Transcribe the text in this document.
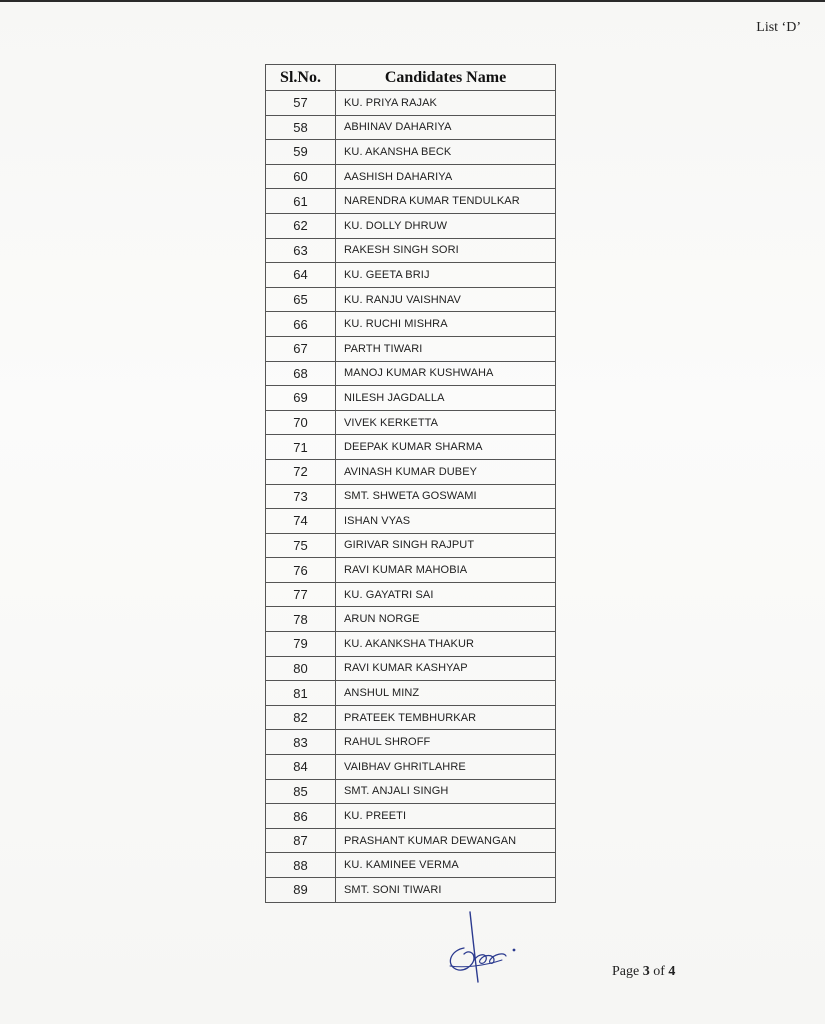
List ‘D’
Sl.No.	Candidates Name
57	KU. PRIYA RAJAK
58	ABHINAV DAHARIYA
59	KU. AKANSHA BECK
60	AASHISH DAHARIYA
61	NARENDRA KUMAR TENDULKAR
62	KU. DOLLY DHRUW
63	RAKESH SINGH SORI
64	KU. GEETA BRIJ
65	KU. RANJU VAISHNAV
66	KU. RUCHI MISHRA
67	PARTH TIWARI
68	MANOJ KUMAR KUSHWAHA
69	NILESH JAGDALLA
70	VIVEK KERKETTA
71	DEEPAK KUMAR SHARMA
72	AVINASH KUMAR DUBEY
73	SMT. SHWETA GOSWAMI
74	ISHAN VYAS
75	GIRIVAR SINGH RAJPUT
76	RAVI KUMAR MAHOBIA
77	KU. GAYATRI SAI
78	ARUN NORGE
79	KU. AKANKSHA THAKUR
80	RAVI KUMAR KASHYAP
81	ANSHUL MINZ
82	PRATEEK TEMBHURKAR
83	RAHUL SHROFF
84	VAIBHAV GHRITLAHRE
85	SMT. ANJALI SINGH
86	KU. PREETI
87	PRASHANT KUMAR DEWANGAN
88	KU. KAMINEE VERMA
89	SMT. SONI TIWARI
Page 3 of 4
